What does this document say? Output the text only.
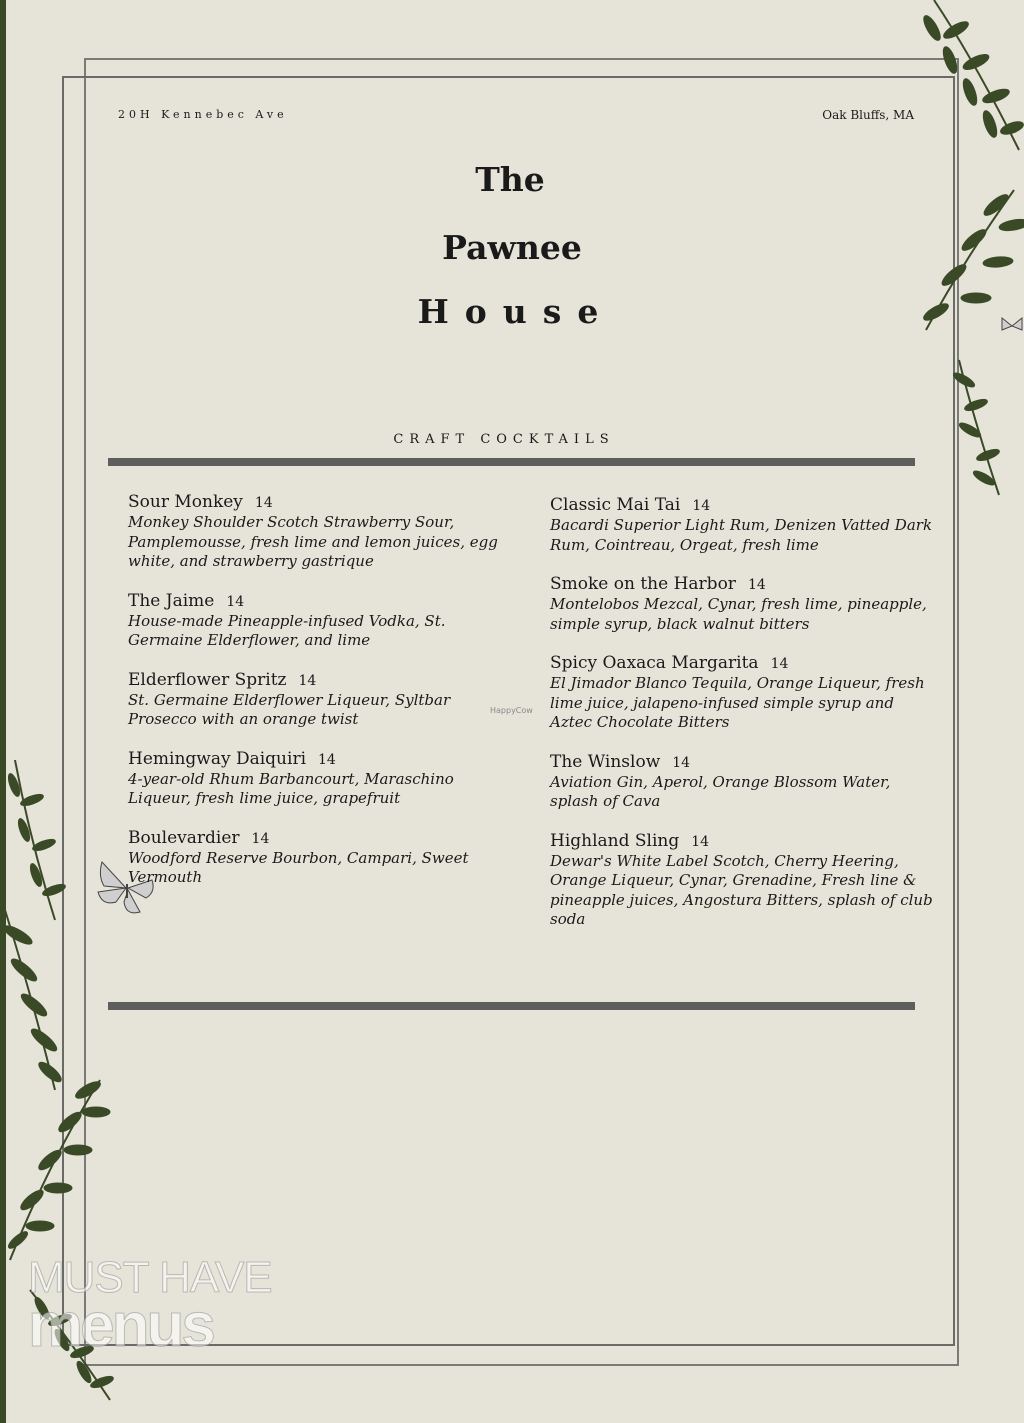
20H Kennebec Ave	Oak Bluffs, MA
The
Pawnee
House
CRAFT COCKTAILS
Sour Monkey 14
Monkey Shoulder Scotch Strawberry Sour, Pamplemousse, fresh lime and lemon juices, egg white, and strawberry gastrique
The Jaime 14
House-made Pineapple-infused Vodka, St. Germaine Elderflower, and lime
Elderflower Spritz 14
St. Germaine Elderflower Liqueur, Syltbar Prosecco with an orange twist
Hemingway Daiquiri 14
4-year-old Rhum Barbancourt, Maraschino Liqueur, fresh lime juice, grapefruit
Boulevardier 14
Woodford Reserve Bourbon, Campari, Sweet Vermouth
Classic Mai Tai 14
Bacardi Superior Light Rum, Denizen Vatted Dark Rum, Cointreau, Orgeat, fresh lime
Smoke on the Harbor 14
Montelobos Mezcal, Cynar, fresh lime, pineapple, simple syrup, black walnut bitters
Spicy Oaxaca Margarita 14
El Jimador Blanco Tequila, Orange Liqueur, fresh lime juice, jalapeno-infused simple syrup and Aztec Chocolate Bitters
The Winslow 14
Aviation Gin, Aperol, Orange Blossom Water, splash of Cava
Highland Sling 14
Dewar's White Label Scotch, Cherry Heering, Orange Liqueur, Cynar, Grenadine, Fresh line & pineapple juices, Angostura Bitters, splash of club soda
HappyCow
MUST HAVE
menus
